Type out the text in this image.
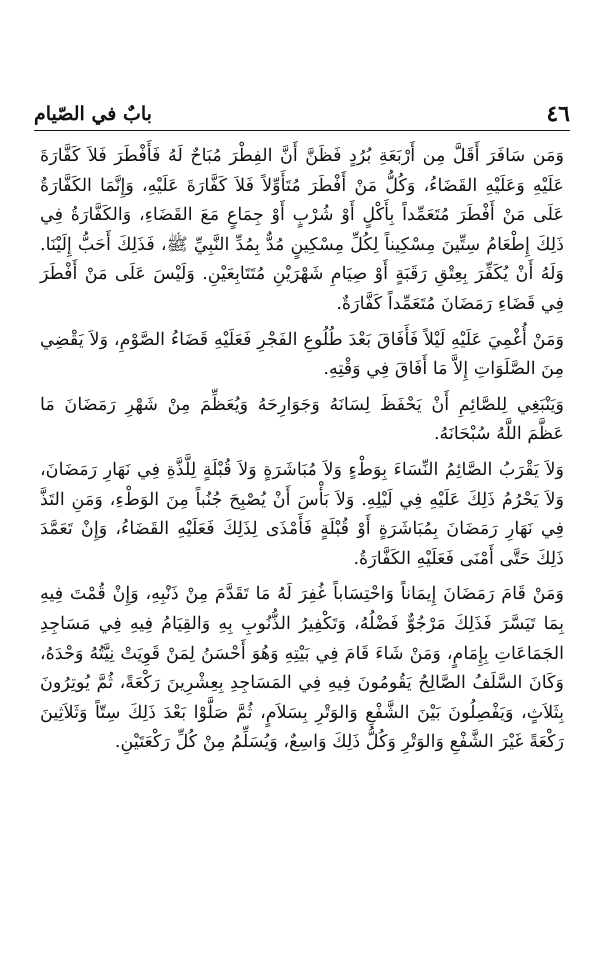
٤٦
بابٌ في الصّيام

وَمَن سَافَرَ أَقَلَّ مِن أَرْبَعَةِ بُرُدٍ فَظَنَّ أَنَّ الفِطْرَ مُبَاحٌ لَهُ فَأَفْطَرَ فَلاَ كَفَّارَةَ عَلَيْهِ وَعَلَيْهِ القَضَاءُ، وَكُلُّ مَنْ أَفْطَرَ مُتَأَوِّلاً فَلاَ كَفَّارَةَ عَلَيْهِ، وَإِنَّمَا الكَفَّارَةُ عَلَى مَنْ أَفْطَرَ مُتَعَمِّداً بِأَكْلٍ أَوْ شُرْبٍ أَوْ جِمَاعٍ مَعَ القَضَاءِ، وَالكَفَّارَةُ فِي ذَلِكَ إِطْعَامُ سِتِّينَ مِسْكِيناً لِكُلِّ مِسْكِينٍ مُدٌّ بِمُدِّ النَّبِيِّ ﷺ، فَذَلِكَ أَحَبُّ إِلَيْنَا. وَلَهُ أَنْ يُكَفِّرَ بِعِتْقِ رَقَبَةٍ أَوْ صِيَامِ شَهْرَيْنِ مُتَتَابِعَيْنِ. وَلَيْسَ عَلَى مَنْ أَفْطَرَ فِي قَضَاءِ رَمَضَانَ مُتَعَمِّداً كَفَّارَةٌ.

وَمَنْ أُغْمِيَ عَلَيْهِ لَيْلاً فَأَفَاقَ بَعْدَ طُلُوعِ الفَجْرِ فَعَلَيْهِ قَضَاءُ الصَّوْمِ، وَلاَ يَقْضِي مِنَ الصَّلَوَاتِ إِلاَّ مَا أَفَاقَ فِي وَقْتِهِ.

وَيَنْبَغِي لِلصَّائِمِ أَنْ يَحْفَظَ لِسَانَهُ وَجَوَارِحَهُ وَيُعَظِّمَ مِنْ شَهْرِ رَمَضَانَ مَا عَظَّمَ اللَّهُ سُبْحَانَهُ.

وَلاَ يَقْرَبُ الصَّائِمُ النِّسَاءَ بِوَطْءٍ وَلاَ مُبَاشَرَةٍ وَلاَ قُبْلَةٍ لِلَّذَّةِ فِي نَهَارِ رَمَضَانَ، وَلاَ يَحْرُمُ ذَلِكَ عَلَيْهِ فِي لَيْلِهِ. وَلاَ بَأْسَ أَنْ يُصْبِحَ جُنُباً مِنَ الوَطْءِ، وَمَنِ التَذَّ فِي نَهَارِ رَمَضَانَ بِمُبَاشَرَةٍ أَوْ قُبْلَةٍ فَأَمْذَى لِذَلِكَ فَعَلَيْهِ القَضَاءُ، وَإِنْ تَعَمَّدَ ذَلِكَ حَتَّى أَمْنَى فَعَلَيْهِ الكَفَّارَةُ.

وَمَنْ قَامَ رَمَضَانَ إِيمَاناً وَاحْتِسَاباً غُفِرَ لَهُ مَا تَقَدَّمَ مِنْ ذَنْبِهِ، وَإِنْ قُمْتَ فِيهِ بِمَا تَيَسَّرَ فَذَلِكَ مَرْجُوٌّ فَضْلُهُ، وَتَكْفِيرُ الذُّنُوبِ بِهِ وَالقِيَامُ فِيهِ فِي مَسَاجِدِ الجَمَاعَاتِ بِإِمَامٍ، وَمَنْ شَاءَ قَامَ فِي بَيْتِهِ وَهُوَ أَحْسَنُ لِمَنْ قَوِيَتْ نِيَّتُهُ وَحْدَهُ، وَكَانَ السَّلَفُ الصَّالِحُ يَقُومُونَ فِيهِ فِي المَسَاجِدِ بِعِشْرِينَ رَكْعَةً، ثُمَّ يُوتِرُونَ بِثَلاَثٍ، وَيَفْصِلُونَ بَيْنَ الشَّفْعِ وَالوَتْرِ بِسَلاَمٍ، ثُمَّ صَلَّوْا بَعْدَ ذَلِكَ سِتّاً وَثَلاَثِينَ رَكْعَةً غَيْرَ الشَّفْعِ وَالوَتْرِ وَكُلُّ ذَلِكَ وَاسِعٌ، وَيُسَلِّمُ مِنْ كُلِّ رَكْعَتَيْنِ.
